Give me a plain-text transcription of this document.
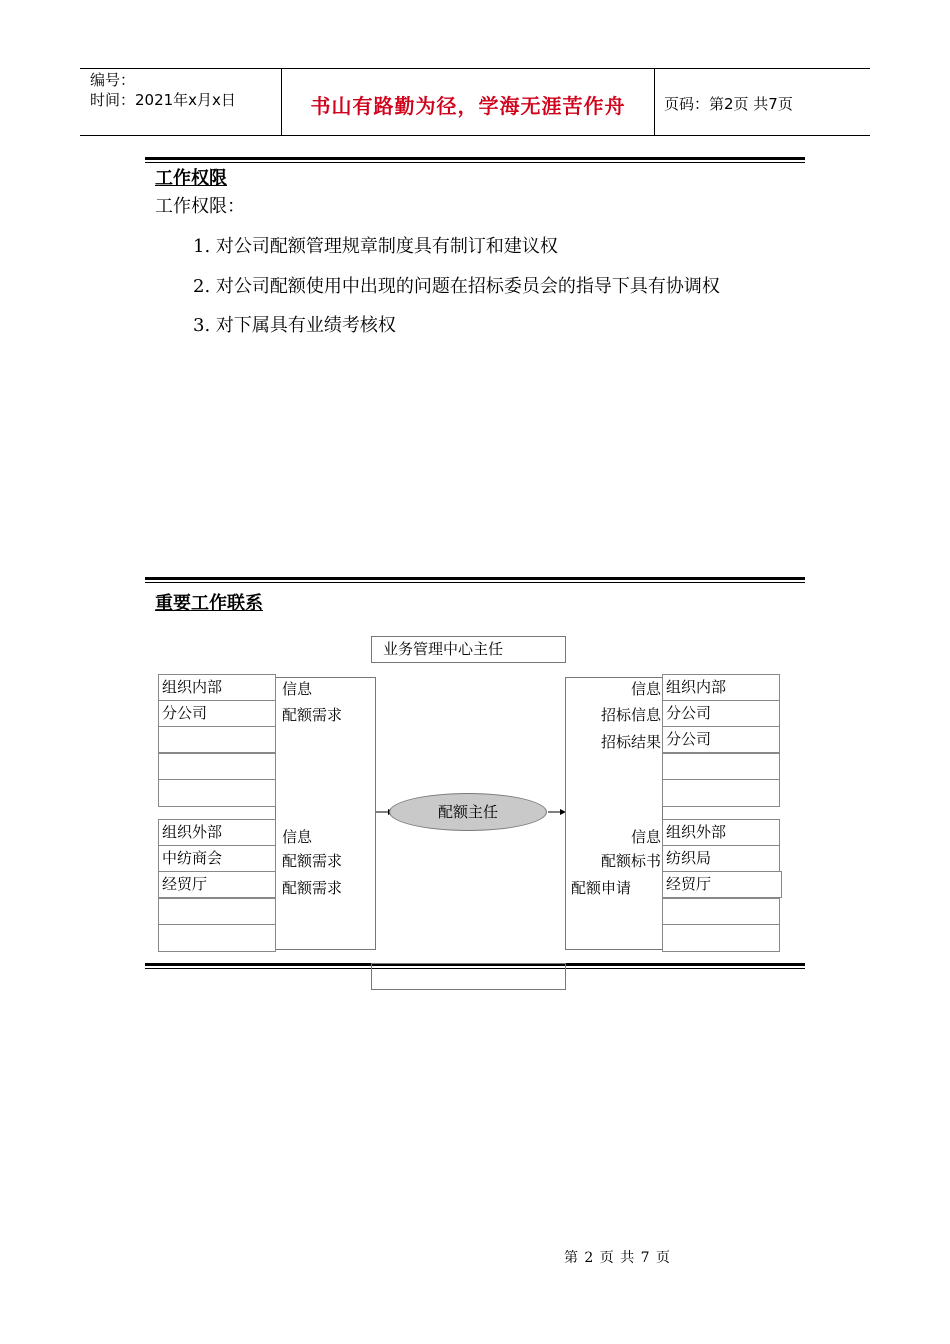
编号：
时间：2021年x月x日	书山有路勤为径，学海无涯苦作舟	页码：第2页 共7页
工作权限
工作权限：
1. 对公司配额管理规章制度具有制订和建议权
2. 对公司配额使用中出现的问题在招标委员会的指导下具有协调权
3. 对下属具有业绩考核权
重要工作联系
业务管理中心主任
信息
配额需求
信息
配额需求
配额需求
组织内部
分公司
组织外部
中纺商会
经贸厅
配额主任
信息
招标信息
招标结果
信息
配额标书
配额申请
组织内部
分公司
分公司
组织外部
纺织局
经贸厅
第 2 页 共 7 页
